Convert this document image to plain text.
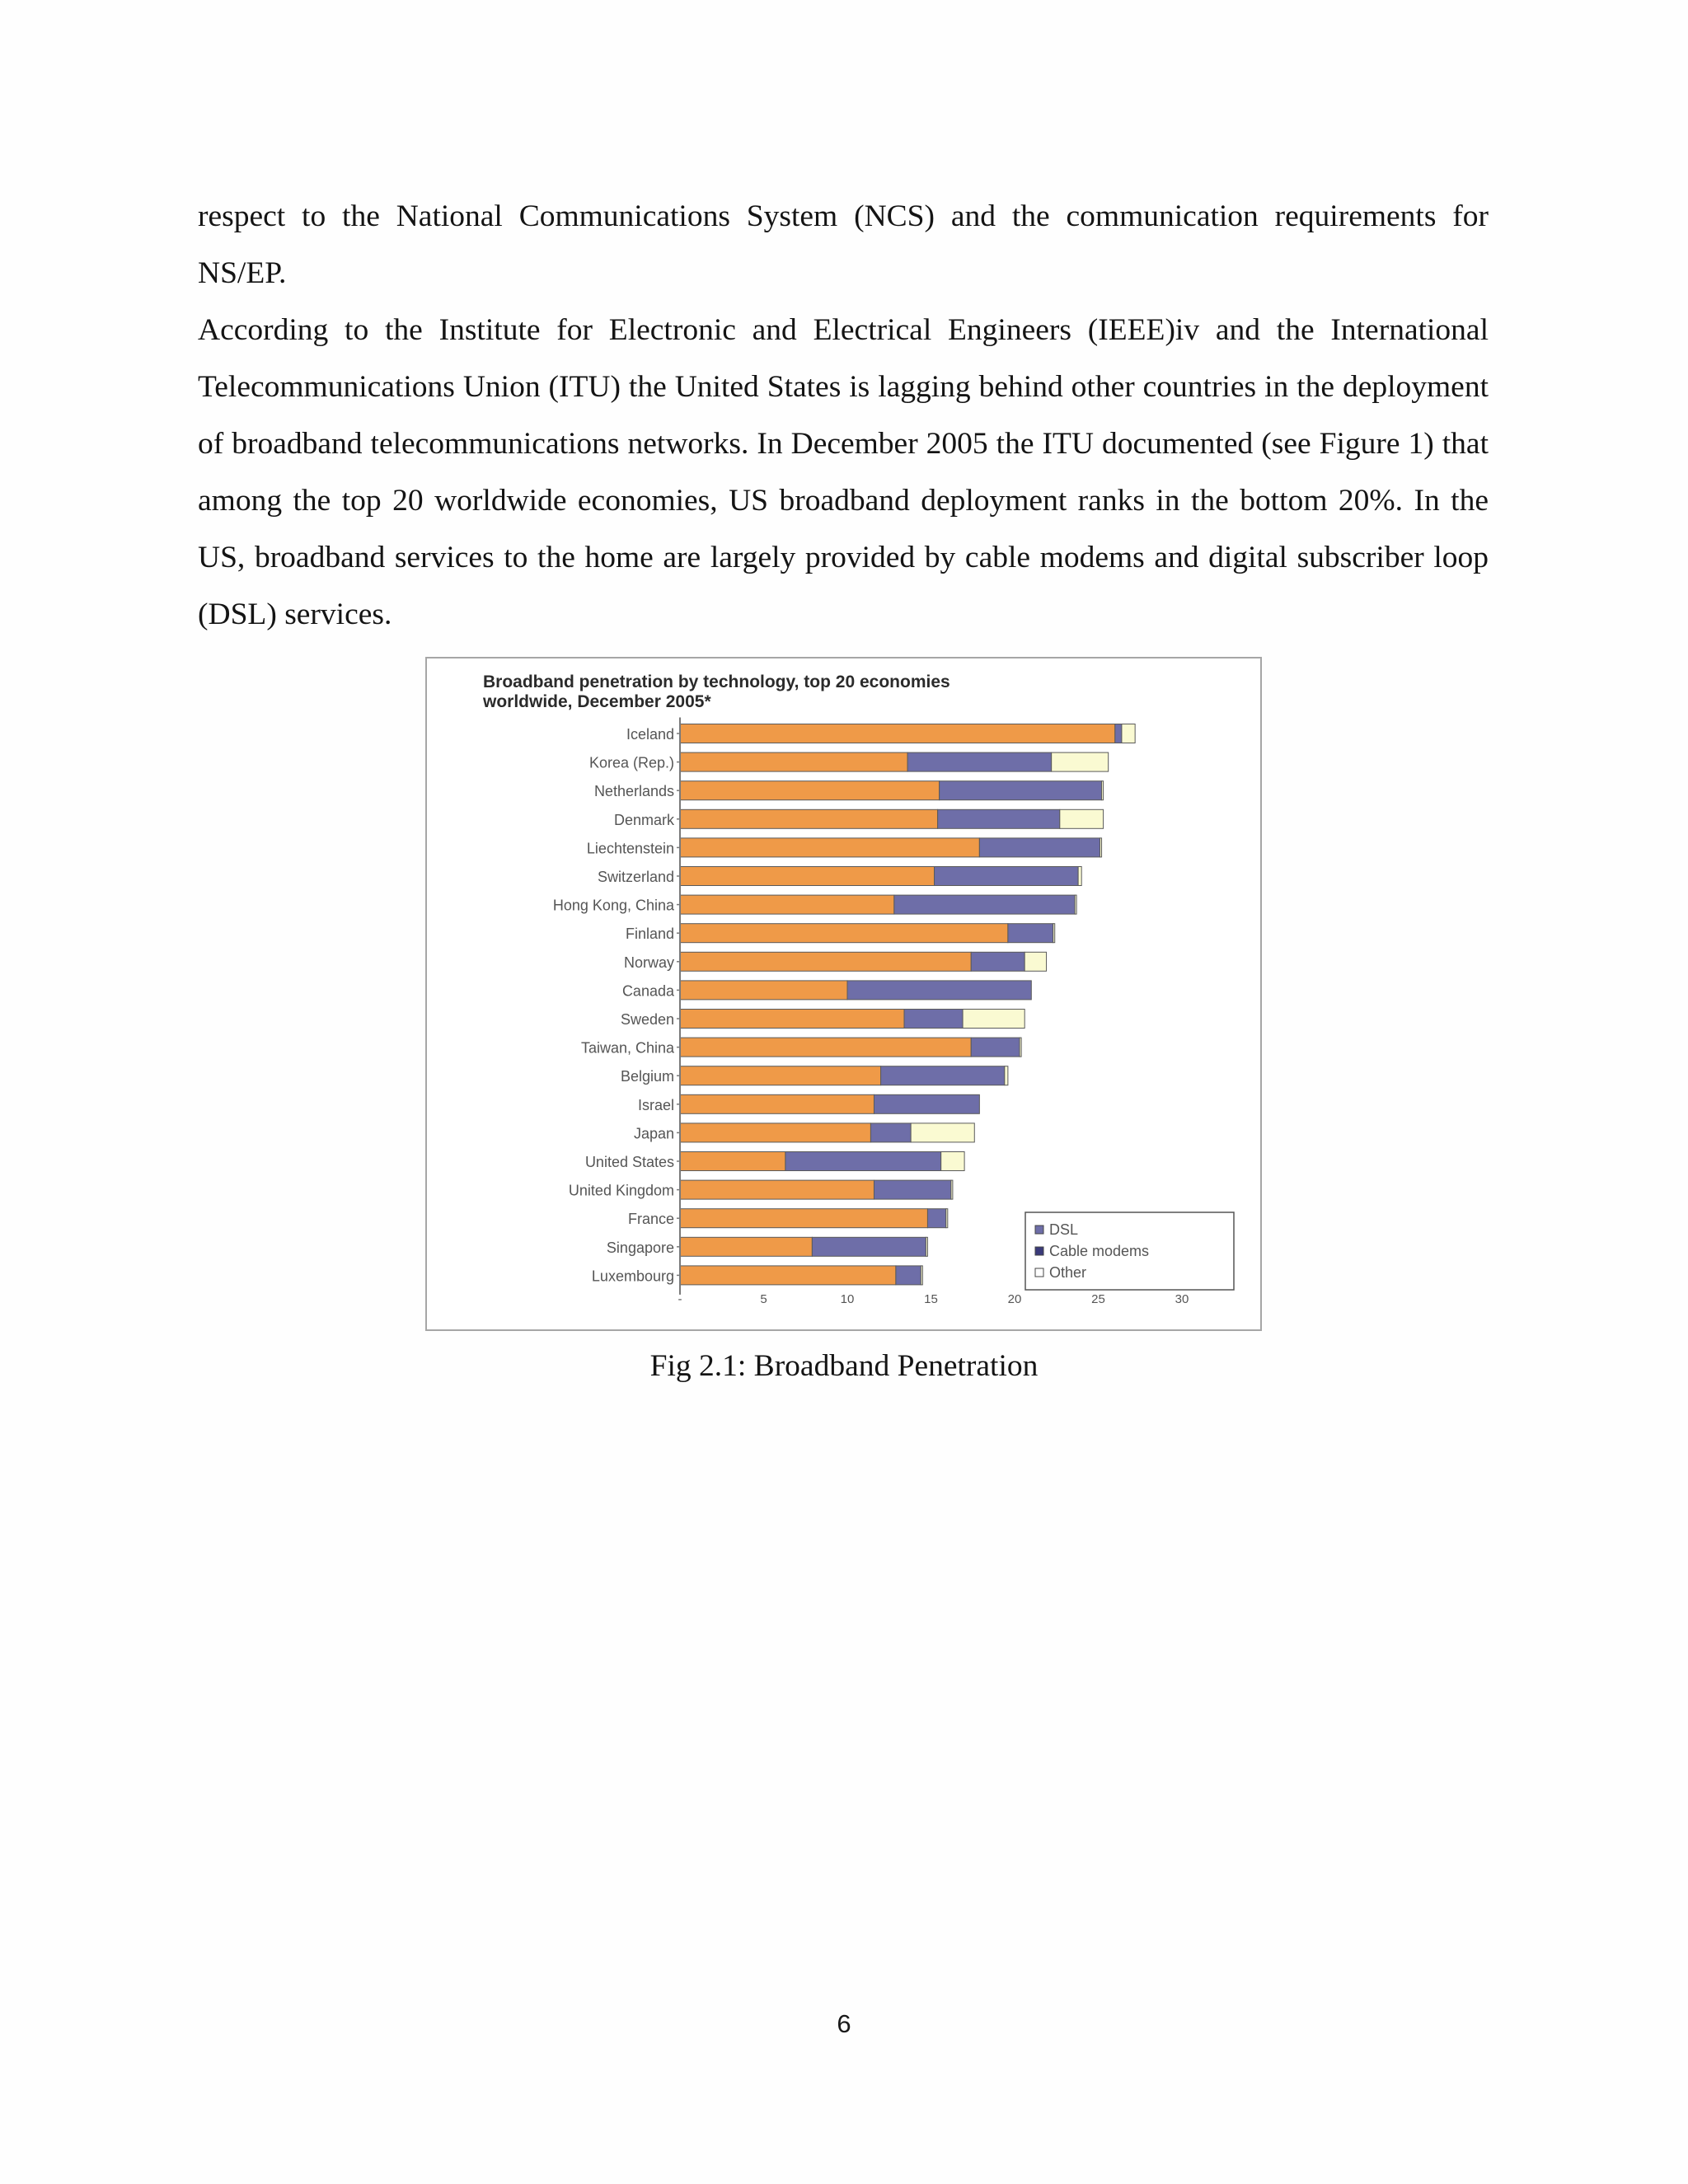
respect to the National Communications System (NCS) and the communication requirements for NS/EP.

According to the Institute for Electronic and Electrical Engineers (IEEE)iv and the International Telecommunications Union (ITU) the United States is lagging behind other countries in the deployment of broadband telecommunications networks. In December 2005 the ITU documented (see Figure 1) that among the top 20 worldwide economies, US broadband deployment ranks in the bottom 20%. In the US, broadband services to the home are largely provided by cable modems and digital subscriber loop (DSL) services.

Broadband penetration by technology, top 20 economies
worldwide, December 2005*
Iceland
Korea (Rep.)
Netherlands
Denmark
Liechtenstein
Switzerland
Hong Kong, China
Finland
Norway
Canada
Sweden
Taiwan, China
Belgium
Israel
Japan
United States
United Kingdom
France
Singapore
Luxembourg
-	5	10	15	20	25	30
DSL
Cable modems
Other
Fig 2.1: Broadband Penetration
6
